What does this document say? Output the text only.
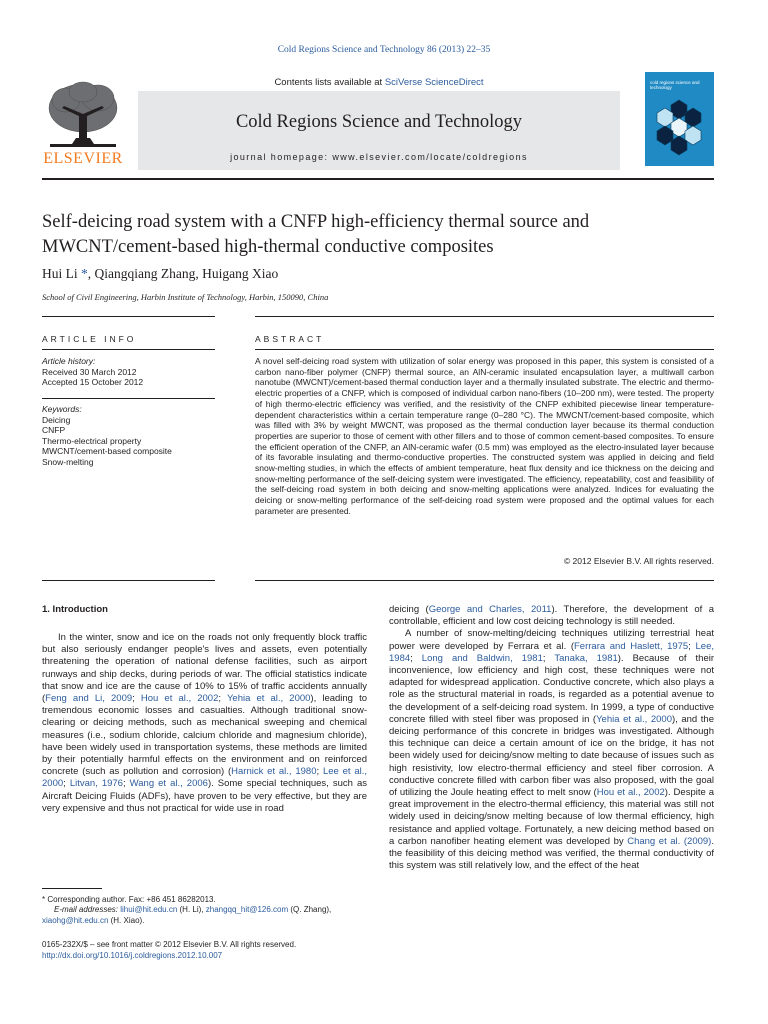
Cold Regions Science and Technology 86 (2013) 22–35
ELSEVIER
Contents lists available at SciVerse ScienceDirect
Cold Regions Science and Technology
journal homepage: www.elsevier.com/locate/coldregions
cold regions science and technology
Self-deicing road system with a CNFP high-efficiency thermal source and
MWCNT/cement-based high-thermal conductive composites
Hui Li *, Qiangqiang Zhang, Huigang Xiao
School of Civil Engineering, Harbin Institute of Technology, Harbin, 150090, China
ARTICLE INFO	ABSTRACT
Article history:
Received 30 March 2012
Accepted 15 October 2012
Keywords:
Deicing
CNFP
Thermo-electrical property
MWCNT/cement-based composite
Snow-melting
A novel self-deicing road system with utilization of solar energy was proposed in this paper, this system is consisted of a carbon nano-fiber polymer (CNFP) thermal source, an AlN-ceramic insulated encapsulation layer, a multiwall carbon nanotube (MWCNT)/cement-based thermal conduction layer and a thermally insulated substrate. The electric and thermo-electric properties of a CNFP, which is composed of individual carbon nano-fibers (10–200 nm), were tested. The property of high thermo-electric efficiency was verified, and the resistivity of the CNFP exhibited piecewise linear temperature-dependent characteristics within a certain temperature range (0–280 °C). The MWCNT/cement-based composite, which was filled with 3% by weight MWCNT, was proposed as the thermal conduction layer because its thermal conduction properties are superior to those of cement with other fillers and to those of common cement-based composites. To ensure the efficient operation of the CNFP, an AlN-ceramic wafer (0.5 mm) was employed as the electro-insulated layer because of its favorable insulating and thermo-conductive properties. The constructed system was applied in deicing and field snow-melting studies, in which the effects of ambient temperature, heat flux density and ice thickness on the deicing and snow-melting performance of the self-deicing system were investigated. The efficiency, repeatability, cost and feasibility of the self-deicing road system in both deicing and snow-melting applications were analyzed. Indices for evaluating the deicing or snow-melting performance of the self-deicing road system were proposed and the optimal values for each parameter are presented.
© 2012 Elsevier B.V. All rights reserved.
1. Introduction

In the winter, snow and ice on the roads not only frequently block traffic but also seriously endanger people's lives and assets, even potentially threatening the operation of national defense facilities, such as airport runways and ship decks, during periods of war. The official statistics indicate that snow and ice are the cause of 10% to 15% of traffic accidents annually (Feng and Li, 2009; Hou et al., 2002; Yehia et al., 2000), leading to tremendous economic losses and casualties. Although traditional snow-clearing or deicing methods, such as mechanical sweeping and chemical measures (i.e., sodium chloride, calcium chloride and magnesium chloride), have been widely used in transportation systems, these methods are limited by their potentially harmful effects on the environment and on reinforced concrete (such as pollution and corrosion) (Harnick et al., 1980; Lee et al., 2000; Litvan, 1976; Wang et al., 2006). Some special techniques, such as Aircraft Deicing Fluids (ADFs), have proven to be very effective, but they are very expensive and thus not practical for wide use in road

deicing (George and Charles, 2011). Therefore, the development of a controllable, efficient and low cost deicing technology is still needed.

A number of snow-melting/deicing techniques utilizing terrestrial heat power were developed by Ferrara et al. (Ferrara and Haslett, 1975; Lee, 1984; Long and Baldwin, 1981; Tanaka, 1981). Because of their inconvenience, low efficiency and high cost, these techniques were not adapted for widespread application. Conductive concrete, which also plays a role as the structural material in roads, is regarded as a potential avenue to the development of a self-deicing road system. In 1999, a type of conductive concrete filled with steel fiber was proposed in (Yehia et al., 2000), and the deicing performance of this concrete in bridges was investigated. Although this technique can deice a certain amount of ice on the bridge, it has not been widely used for deicing/snow melting to date because of issues such as high resistivity, low electro-thermal efficiency and steel fiber corrosion. A conductive concrete filled with carbon fiber was also proposed, with the goal of utilizing the Joule heating effect to melt snow (Hou et al., 2002). Despite a great improvement in the electro-thermal efficiency, this material was still not widely used in deicing/snow melting because of low thermal efficiency, high resistance and applied voltage. Fortunately, a new deicing method based on a carbon nanofiber heating element was developed by Chang et al. (2009). the feasibility of this deicing method was verified, the thermal conductivity of this system was still relatively low, and the effect of the heat

* Corresponding author. Fax: +86 451 86282013.
E-mail addresses: lihui@hit.edu.cn (H. Li), zhangqq_hit@126.com (Q. Zhang),
xiaohg@hit.edu.cn (H. Xiao).
0165-232X/$ – see front matter © 2012 Elsevier B.V. All rights reserved.
http://dx.doi.org/10.1016/j.coldregions.2012.10.007
